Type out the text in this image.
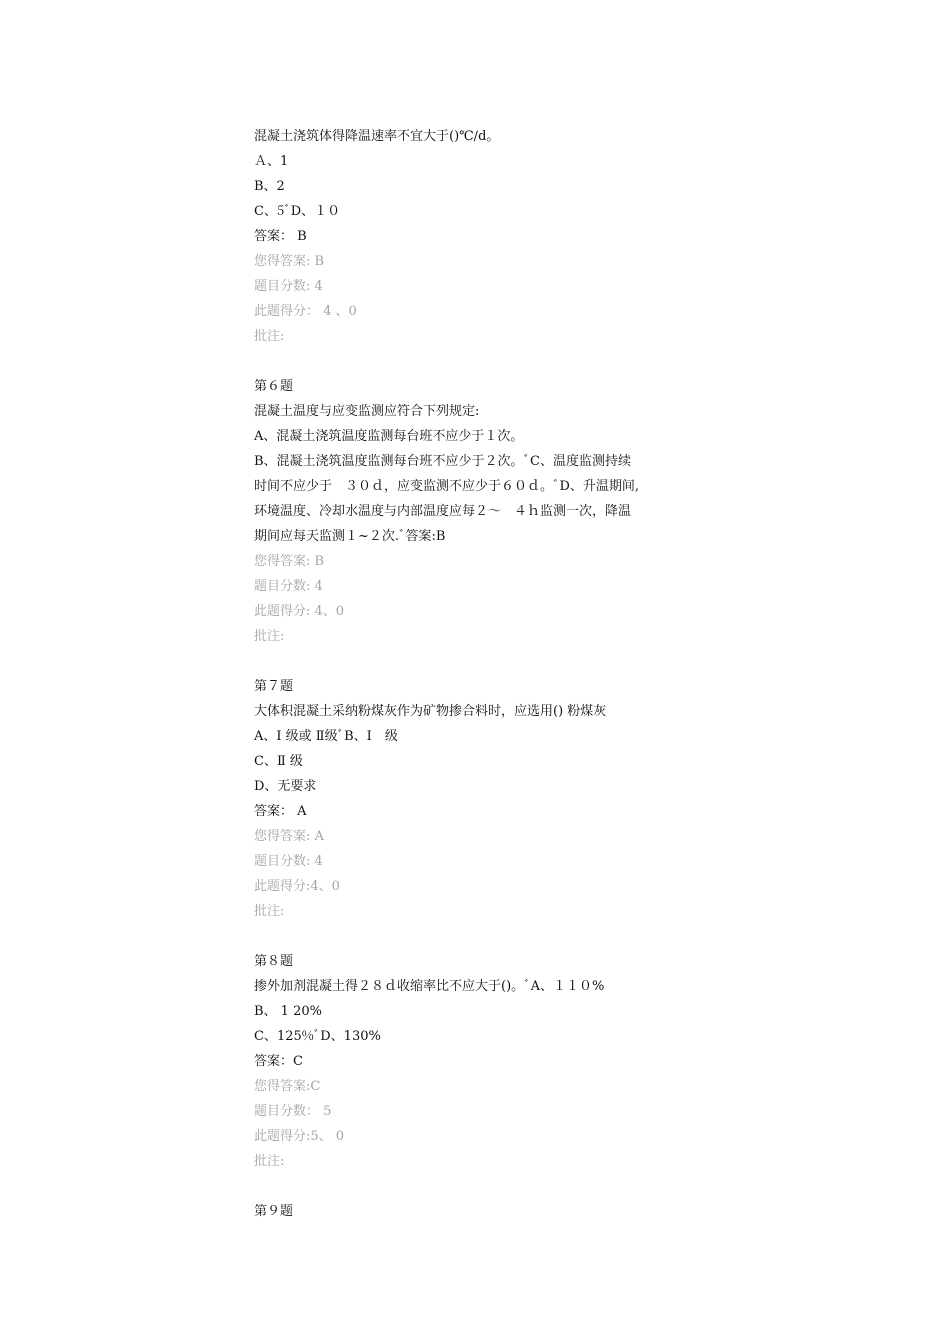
混凝土浇筑体得降温速率不宜大于()℃/d。
Ａ、1
B、2
C、5ﾞD、１０
答案： B
您得答案: B
题目分数: 4
此题得分： 4 、0
批注:
第６题
混凝土温度与应变监测应符合下列规定:
A、混凝土浇筑温度监测每台班不应少于１次。
B、混凝土浇筑温度监测每台班不应少于２次。ﾞC、温度监测持续
时间不应少于　３０ｄ，应变监测不应少于６０ｄ。ﾞD、升温期间,
环境温度、冷却水温度与内部温度应每２～　４ｈ监测一次，降温
期间应每天监测１~２次.ﾞ答案:B
您得答案: B
题目分数: 4
此题得分: 4、0
批注:
第７题
大体积混凝土采纳粉煤灰作为矿物掺合料时，应选用() 粉煤灰
A、Ⅰ 级或 Ⅱ级ﾞB、Ⅰ　级
C、Ⅱ 级
D、无要求
答案： A
您得答案: A
题目分数: 4
此题得分:4、0
批注:
第８题
掺外加剂混凝土得２８ｄ收缩率比不应大于()。ﾞA、１１０%
B、 1 20%
C、125%ﾞD、130%
答案：C
您得答案:C
题目分数： 5
此题得分:5、 0
批注:
第９题
